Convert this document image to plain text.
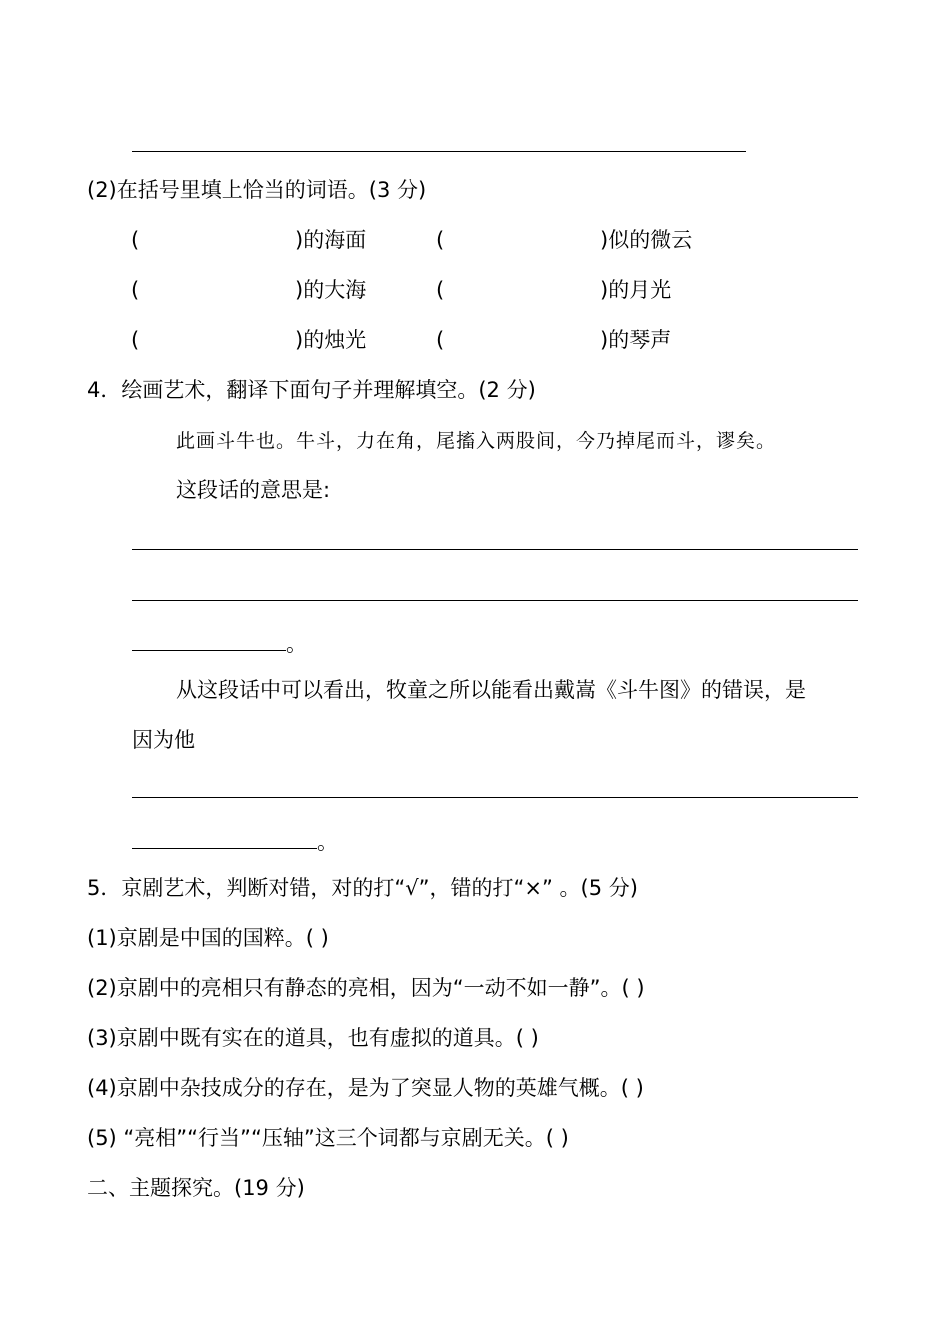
(2)在括号里填上恰当的词语。(3 分)
(	)的海面	(	)似的微云
(	)的大海	(	)的月光
(	)的烛光	(	)的琴声
4．绘画艺术，翻译下面句子并理解填空。(2 分)
此画斗牛也。牛斗，力在角，尾搐入两股间，今乃掉尾而斗，谬矣。
这段话的意思是:
。
从这段话中可以看出，牧童之所以能看出戴嵩《斗牛图》的错误，是
因为他
。
5．京剧艺术，判断对错，对的打“√”，错的打“×” 。(5 分)
(1)京剧是中国的国粹。( )
(2)京剧中的亮相只有静态的亮相，因为“一动不如一静”。( )
(3)京剧中既有实在的道具，也有虚拟的道具。( )
(4)京剧中杂技成分的存在，是为了突显人物的英雄气概。( )
(5) “亮相”“行当”“压轴”这三个词都与京剧无关。( )
二、主题探究。(19 分)
